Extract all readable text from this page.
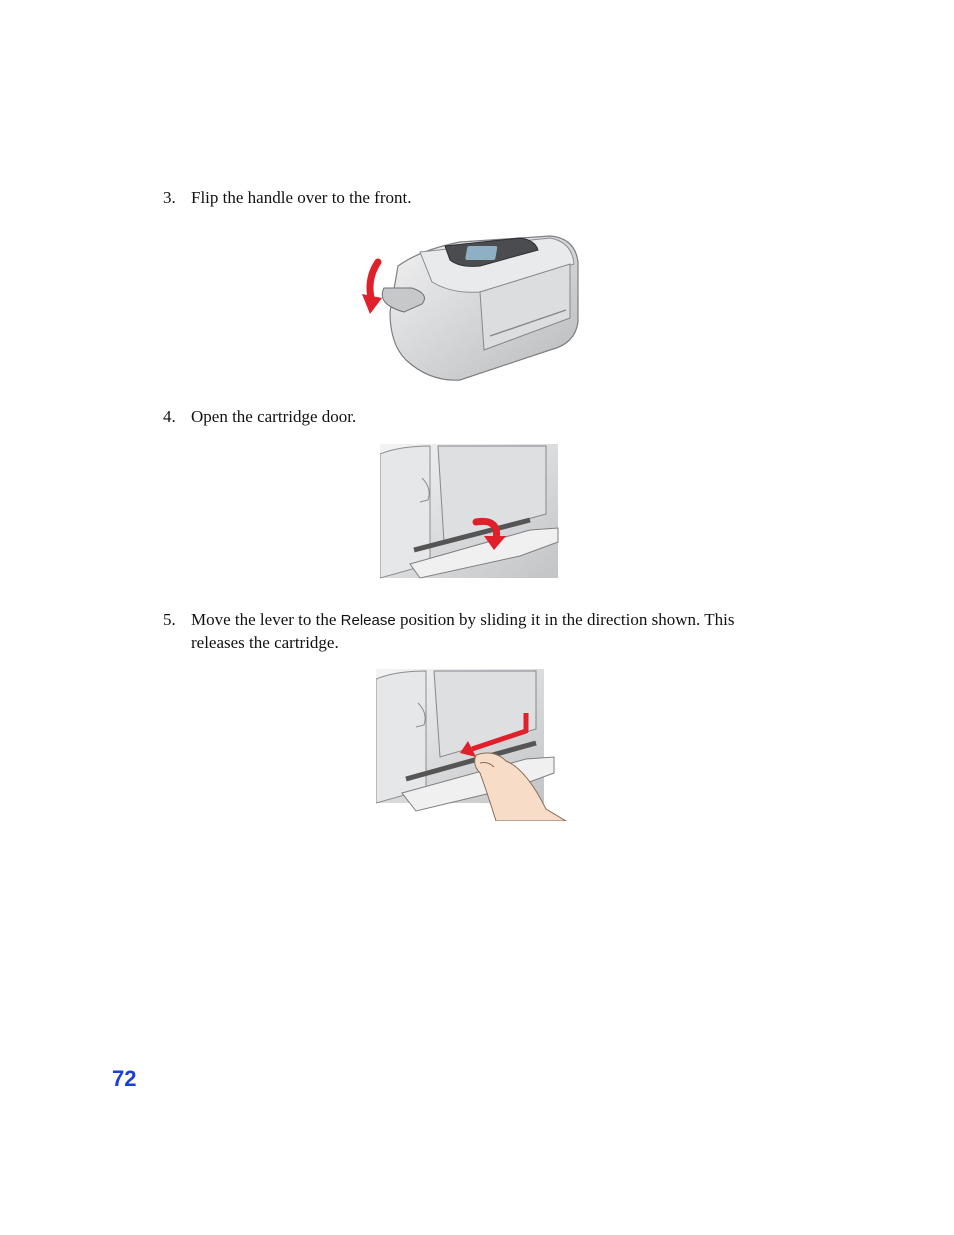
3. Flip the handle over to the front.
4. Open the cartridge door.
5. Move the lever to the Release position by sliding it in the direction shown. This
releases the cartridge.
72
